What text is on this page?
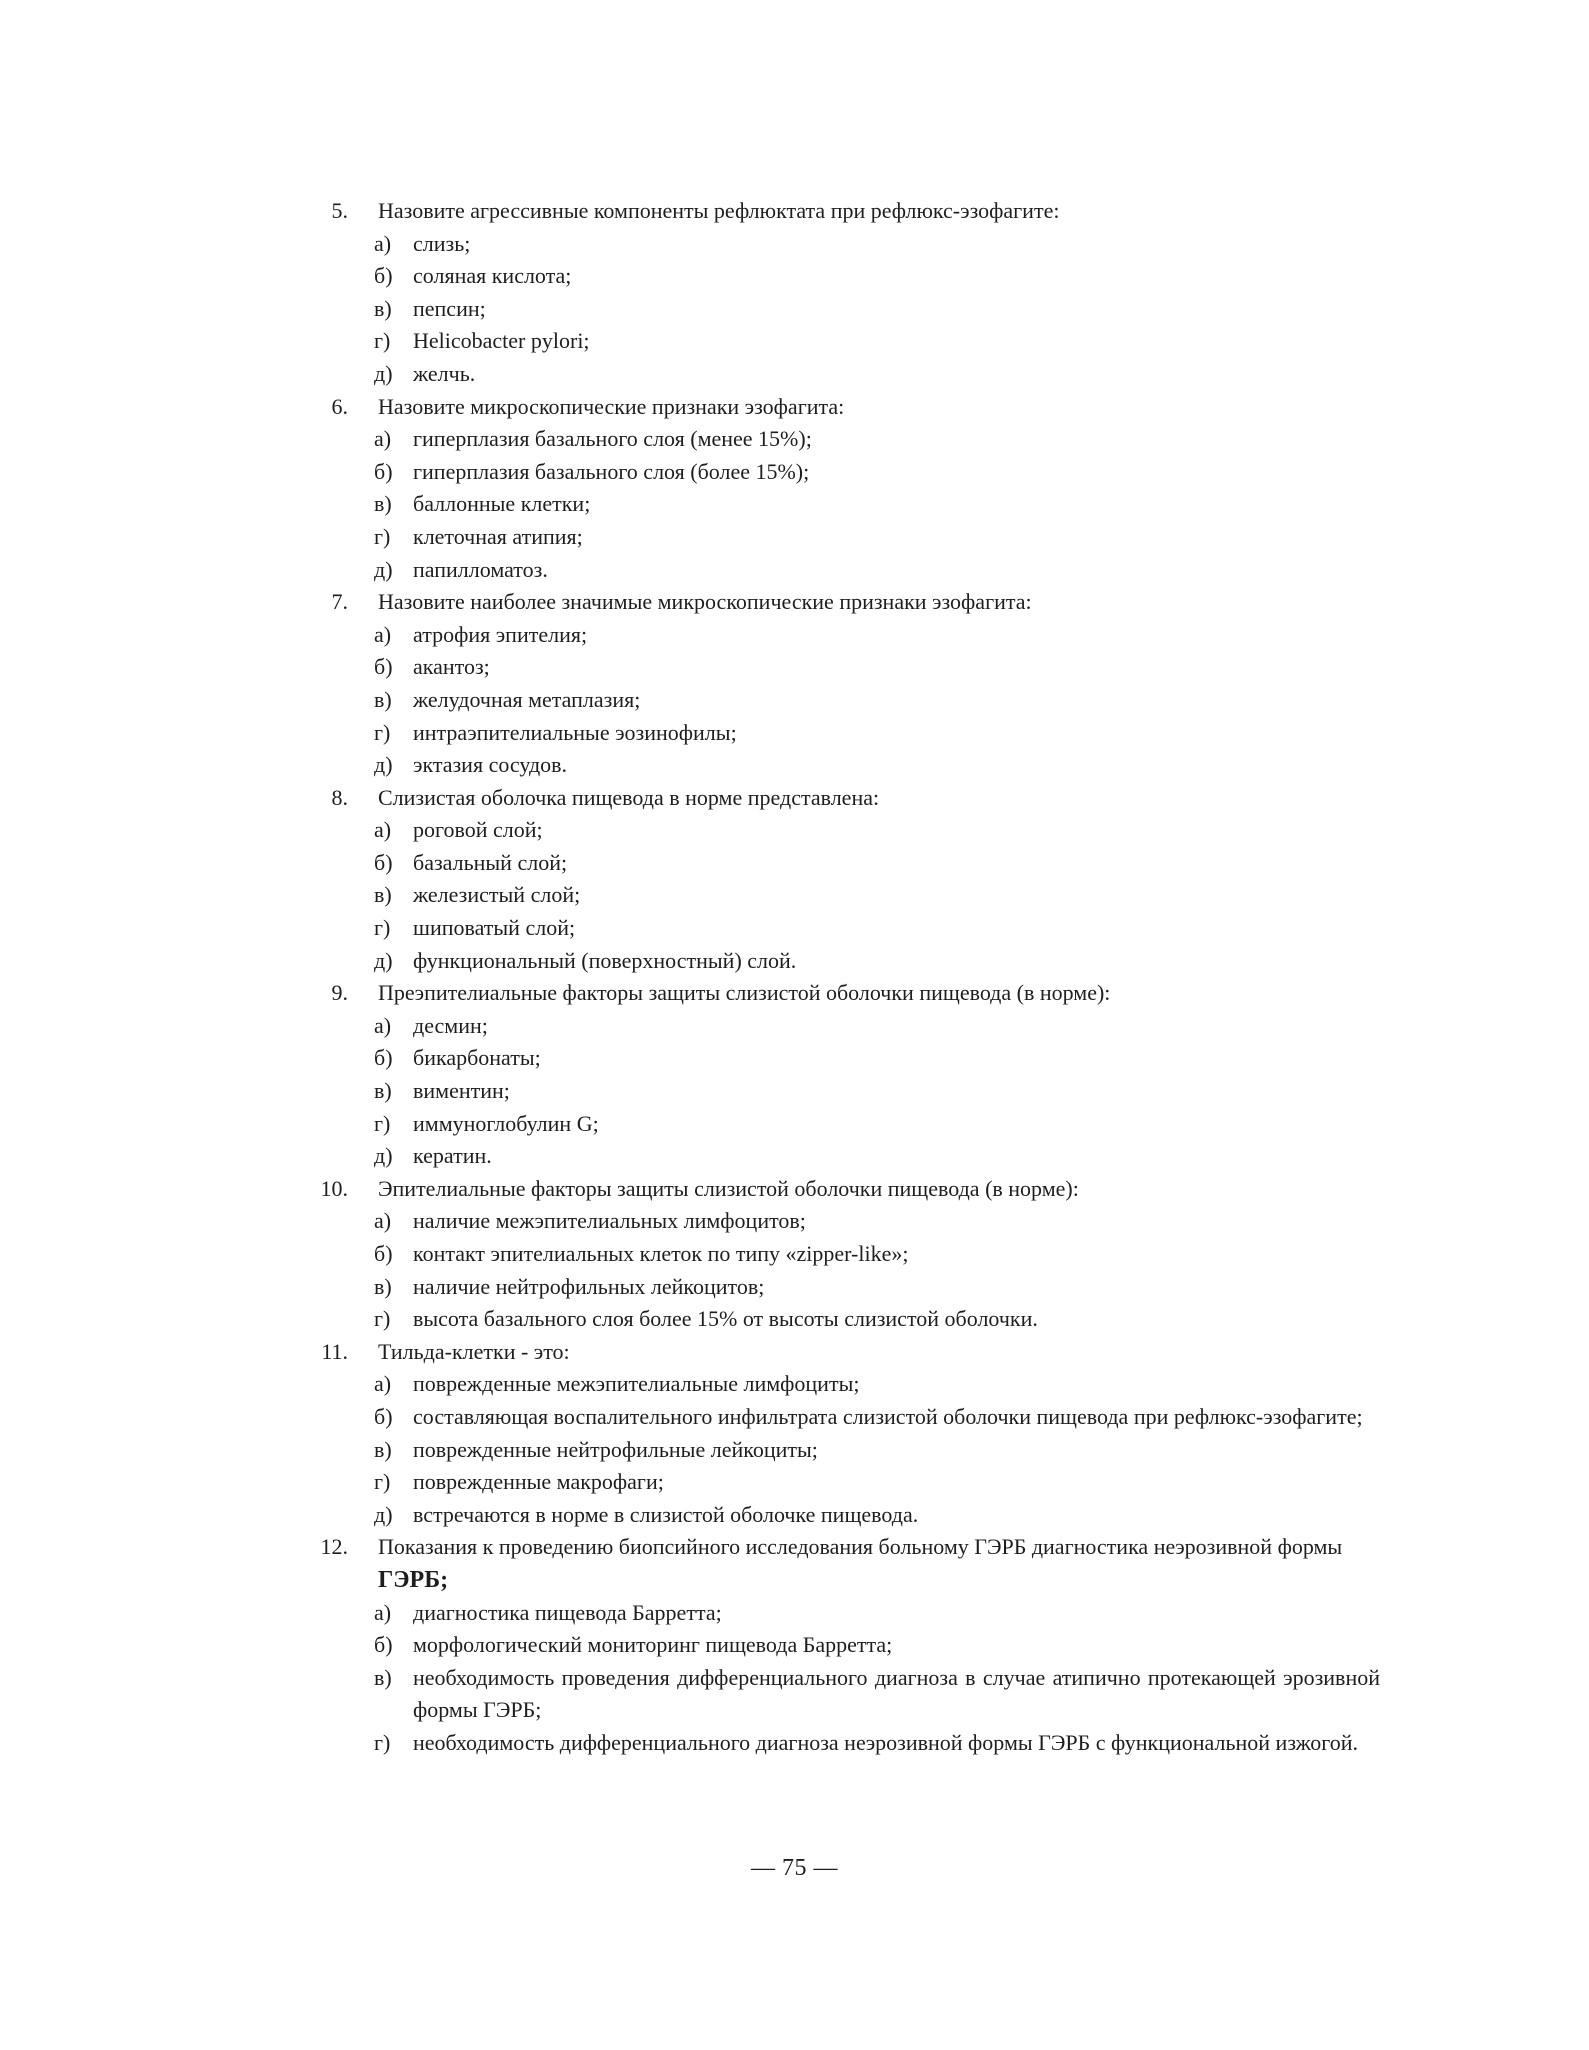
5. Назовите агрессивные компоненты рефлюктата при рефлюкс-эзофагите:
а) слизь;
б) соляная кислота;
в) пепсин;
г) Helicobacter pylori;
д) желчь.
6. Назовите микроскопические признаки эзофагита:
а) гиперплазия базального слоя (менее 15%);
б) гиперплазия базального слоя (более 15%);
в) баллонные клетки;
г) клеточная атипия;
д) папилломатоз.
7. Назовите наиболее значимые микроскопические признаки эзофагита:
а) атрофия эпителия;
б) акантоз;
в) желудочная метаплазия;
г) интраэпителиальные эозинофилы;
д) эктазия сосудов.
8. Слизистая оболочка пищевода в норме представлена:
а) роговой слой;
б) базальный слой;
в) железистый слой;
г) шиповатый слой;
д) функциональный (поверхностный) слой.
9. Преэпителиальные факторы защиты слизистой оболочки пищевода (в норме):
а) десмин;
б) бикарбонаты;
в) виментин;
г) иммуноглобулин G;
д) кератин.
10. Эпителиальные факторы защиты слизистой оболочки пищевода (в норме):
а) наличие межэпителиальных лимфоцитов;
б) контакт эпителиальных клеток по типу «zipper-like»;
в) наличие нейтрофильных лейкоцитов;
г) высота базального слоя более 15% от высоты слизистой оболочки.
11. Тильда-клетки - это:
а) поврежденные межэпителиальные лимфоциты;
б) составляющая воспалительного инфильтрата слизистой оболочки пищевода при рефлюкс-эзофагите;
в) поврежденные нейтрофильные лейкоциты;
г) поврежденные макрофаги;
д) встречаются в норме в слизистой оболочке пищевода.
12. Показания к проведению биопсийного исследования больному ГЭРБ диагностика неэрозивной формы ГЭРБ;
а) диагностика пищевода Барретта;
б) морфологический мониторинг пищевода Барретта;
в) необходимость проведения дифференциального диагноза в случае атипично протекающей эрозивной формы ГЭРБ;
г) необходимость дифференциального диагноза неэрозивной формы ГЭРБ с функциональной изжогой.
— 75 —
